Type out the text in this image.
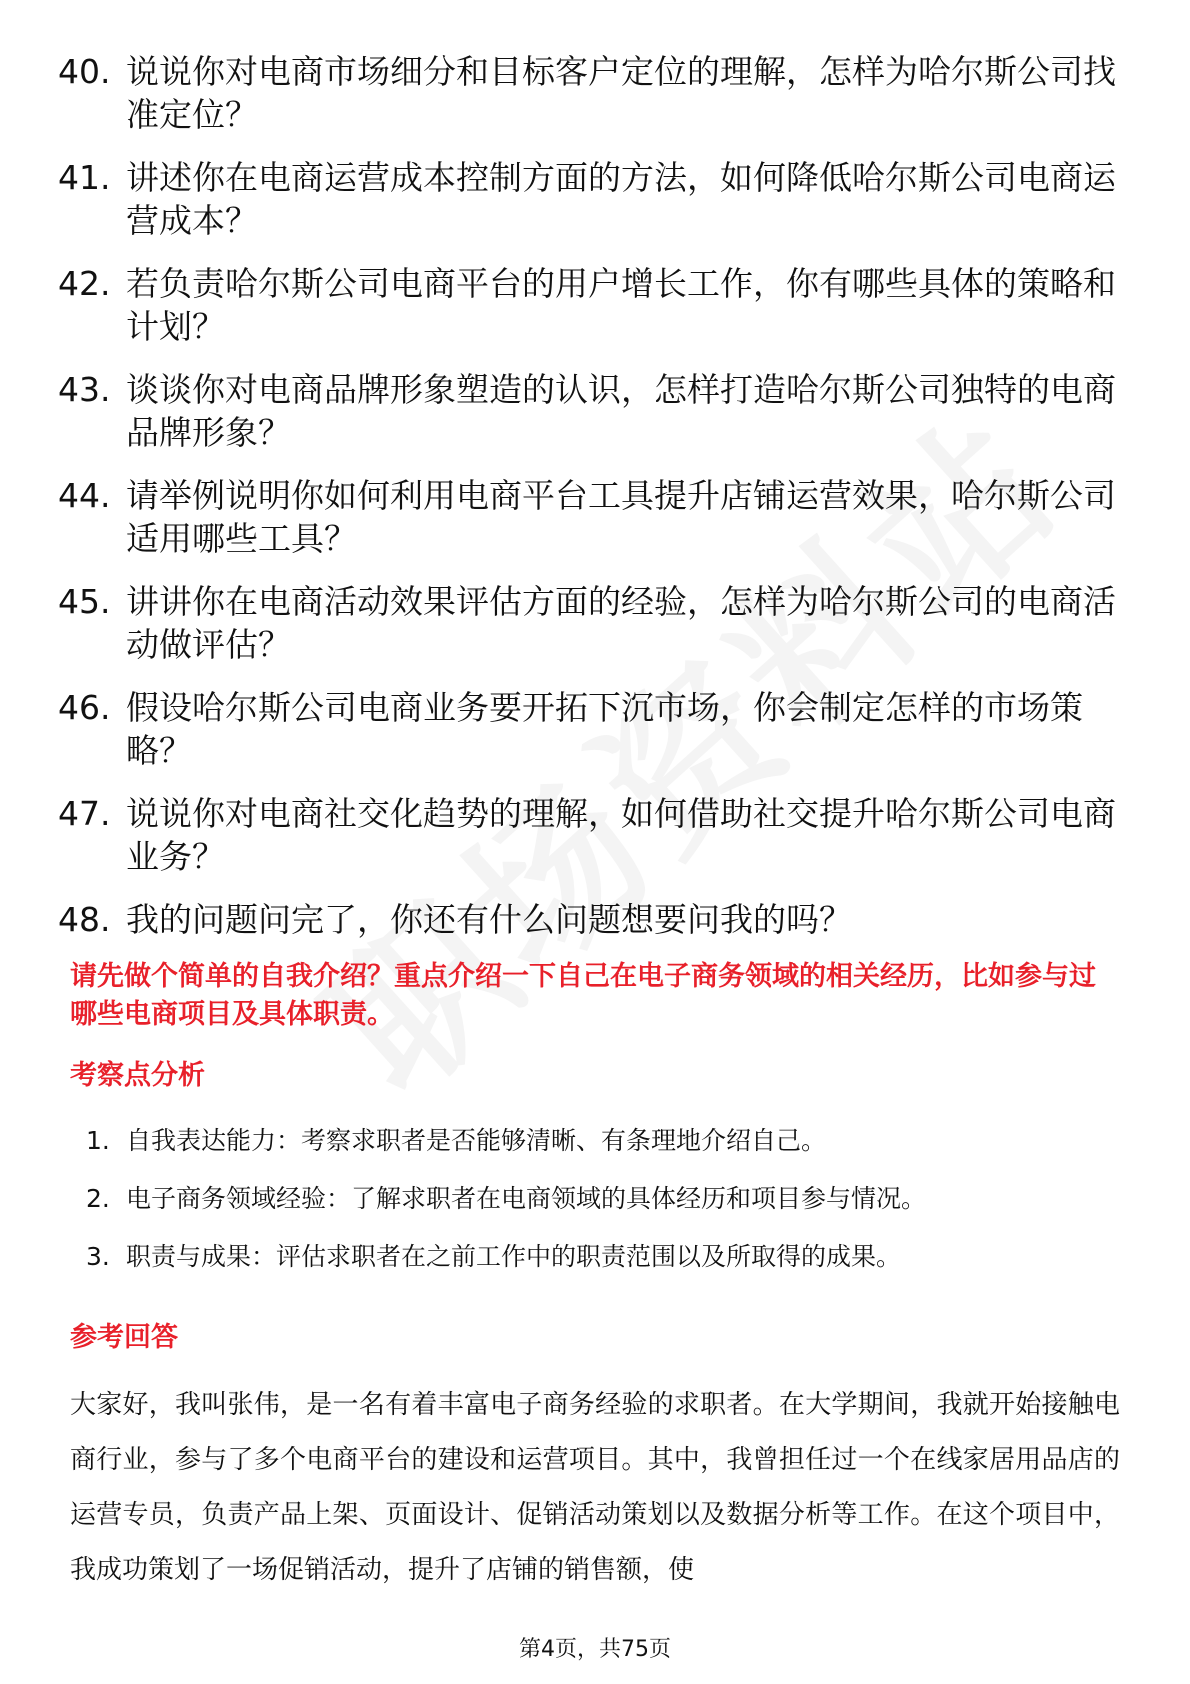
40. 说说你对电商市场细分和目标客户定位的理解，怎样为哈尔斯公司找准定位？
41. 讲述你在电商运营成本控制方面的方法，如何降低哈尔斯公司电商运营成本？
42. 若负责哈尔斯公司电商平台的用户增长工作，你有哪些具体的策略和计划？
43. 谈谈你对电商品牌形象塑造的认识，怎样打造哈尔斯公司独特的电商品牌形象？
44. 请举例说明你如何利用电商平台工具提升店铺运营效果，哈尔斯公司适用哪些工具？
45. 讲讲你在电商活动效果评估方面的经验，怎样为哈尔斯公司的电商活动做评估？
46. 假设哈尔斯公司电商业务要开拓下沉市场，你会制定怎样的市场策略？
47. 说说你对电商社交化趋势的理解，如何借助社交提升哈尔斯公司电商业务？
48. 我的问题问完了，你还有什么问题想要问我的吗？
请先做个简单的自我介绍？重点介绍一下自己在电子商务领域的相关经历，比如参与过哪些电商项目及具体职责。
考察点分析
1. 自我表达能力：考察求职者是否能够清晰、有条理地介绍自己。
2. 电子商务领域经验：了解求职者在电商领域的具体经历和项目参与情况。
3. 职责与成果：评估求职者在之前工作中的职责范围以及所取得的成果。
参考回答
大家好，我叫张伟，是一名有着丰富电子商务经验的求职者。在大学期间，我就开始接触电商行业，参与了多个电商平台的建设和运营项目。其中，我曾担任过一个在线家居用品店的运营专员，负责产品上架、页面设计、促销活动策划以及数据分析等工作。在这个项目中，我成功策划了一场促销活动，提升了店铺的销售额，使
第4页，共75页
